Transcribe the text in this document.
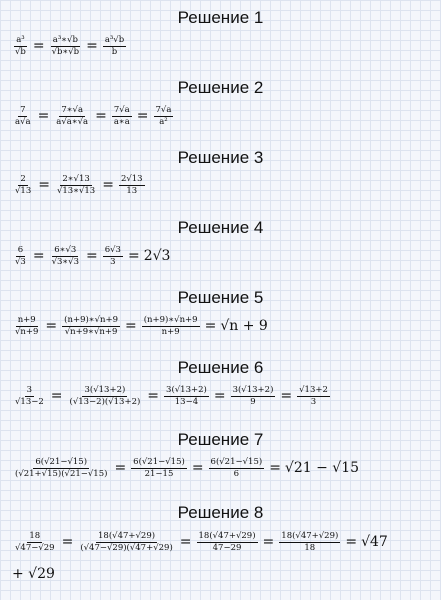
Решение 1
$\frac{\text{a³}}{√b} = \frac{\text{a³∗√b}}{√b∗√b} = \frac{\text{a³√b}}{b}$
Решение 2
$\frac{7}{a√a} = \frac{7∗√a}{a√a∗√a} = \frac{7√a}{a∗a} = \frac{7√a}{\text{a²}}$
Решение 3
$\frac{2}{√13} = \frac{2∗√13}{√13∗√13} = \frac{2√13}{13}$
Решение 4
$\frac{6}{√3} = \frac{6∗√3}{√3∗√3} = \frac{6√3}{3} = 2√3$
Решение 5
$\frac{n+9}{√n+9} = \frac{(n+9)∗√n+9}{√n+9∗√n+9} = \frac{(n+9)∗√n+9}{n+9} = √n + 9$
Решение 6
$\frac{3}{√13-2} = \frac{3(√13+2)}{(√13-2)(√13+2)} = \frac{3(√13+2)}{13-4} = \frac{3(√13+2)}{9} = \frac{√13+2}{3}$
Решение 7
$\frac{6(√21-√15)}{(√21+√15)(√21-√15)} = \frac{6(√21-√15)}{21-15} = \frac{6(√21-√15)}{6} = √21 - √15$
Решение 8
$\frac{18}{√47-√29} = \frac{18(√47+√29)}{(√47-√29)(√47+√29)} = \frac{18(√47+√29)}{47-29} = \frac{18(√47+√29)}{18} = √47$
+ √29
